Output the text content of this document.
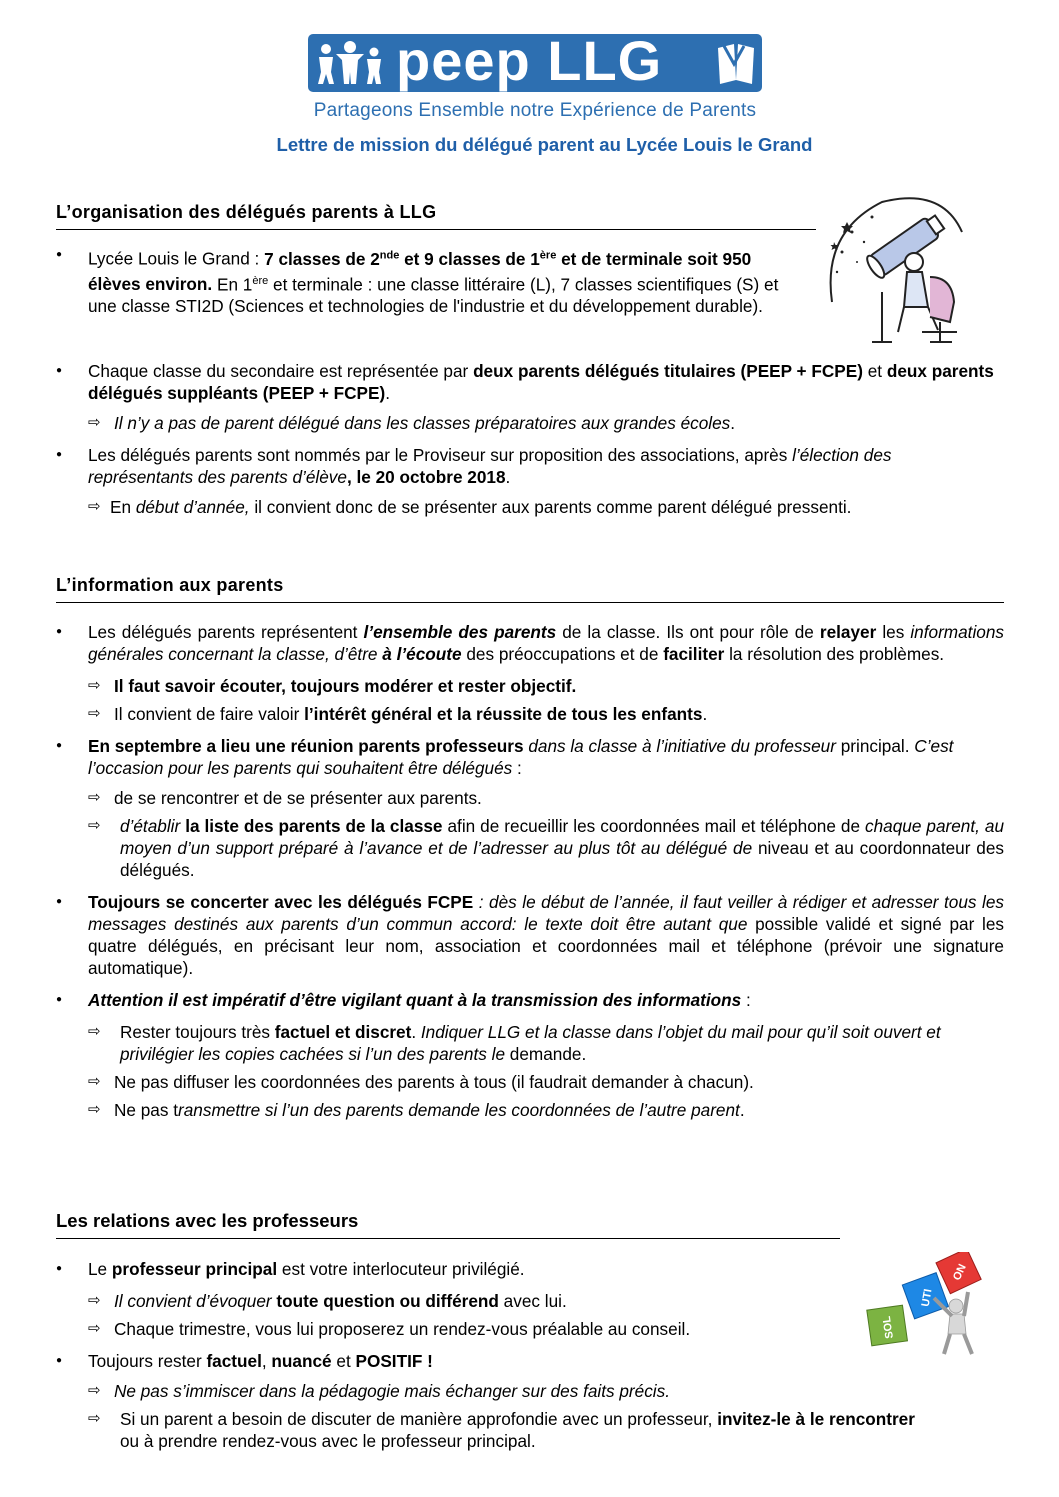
peep LLG
Partageons Ensemble notre Expérience de Parents
Lettre de mission du délégué parent au Lycée Louis le Grand
L’organisation des délégués parents à LLG
● Lycée Louis le Grand : 7 classes de 2nde et 9 classes de 1ère et de terminale soit 950 élèves environ. En 1ère et terminale : une classe littéraire (L), 7 classes scientifiques (S) et une classe STI2D (Sciences et technologies de l'industrie et du développement durable).
● Chaque classe du secondaire est représentée par deux parents délégués titulaires (PEEP + FCPE) et deux parents délégués suppléants (PEEP + FCPE).
⇨ Il n’y a pas de parent délégué dans les classes préparatoires aux grandes écoles.
● Les délégués parents sont nommés par le Proviseur sur proposition des associations, après l’élection des représentants des parents d’élève, le 20 octobre 2018.
⇨ En début d’année, il convient donc de se présenter aux parents comme parent délégué pressenti.
L’information aux parents
● Les délégués parents représentent l’ensemble des parents de la classe. Ils ont pour rôle de relayer les informations générales concernant la classe, d’être à l’écoute des préoccupations et de faciliter la résolution des problèmes.
⇨ Il faut savoir écouter, toujours modérer et rester objectif.
⇨ Il convient de faire valoir l’intérêt général et la réussite de tous les enfants.
● En septembre a lieu une réunion parents professeurs dans la classe à l’initiative du professeur principal. C’est l’occasion pour les parents qui souhaitent être délégués :
⇨ de se rencontrer et de se présenter aux parents.
⇨ d’établir la liste des parents de la classe afin de recueillir les coordonnées mail et téléphone de chaque parent, au moyen d’un support préparé à l’avance et de l’adresser au plus tôt au délégué de niveau et au coordonnateur des délégués.
● Toujours se concerter avec les délégués FCPE : dès le début de l’année, il faut veiller à rédiger et adresser tous les messages destinés aux parents d’un commun accord: le texte doit être autant que possible validé et signé par les quatre délégués, en précisant leur nom, association et coordonnées mail et téléphone (prévoir une signature automatique).
● Attention il est impératif d’être vigilant quant à la transmission des informations :
⇨ Rester toujours très factuel et discret. Indiquer LLG et la classe dans l’objet du mail pour qu’il soit ouvert et privilégier les copies cachées si l’un des parents le demande.
⇨ Ne pas diffuser les coordonnées des parents à tous (il faudrait demander à chacun).
⇨ Ne pas transmettre si l’un des parents demande les coordonnées de l’autre parent.
Les relations avec les professeurs
● Le professeur principal est votre interlocuteur privilégié.
⇨ Il convient d’évoquer toute question ou différend avec lui.
⇨ Chaque trimestre, vous lui proposerez un rendez-vous préalable au conseil.
● Toujours rester factuel, nuancé et POSITIF !
⇨ Ne pas s’immiscer dans la pédagogie mais échanger sur des faits précis.
⇨ Si un parent a besoin de discuter de manière approfondie avec un professeur, invitez-le à le rencontrer ou à prendre rendez-vous avec le professeur principal.
SOL
UTI
ON
